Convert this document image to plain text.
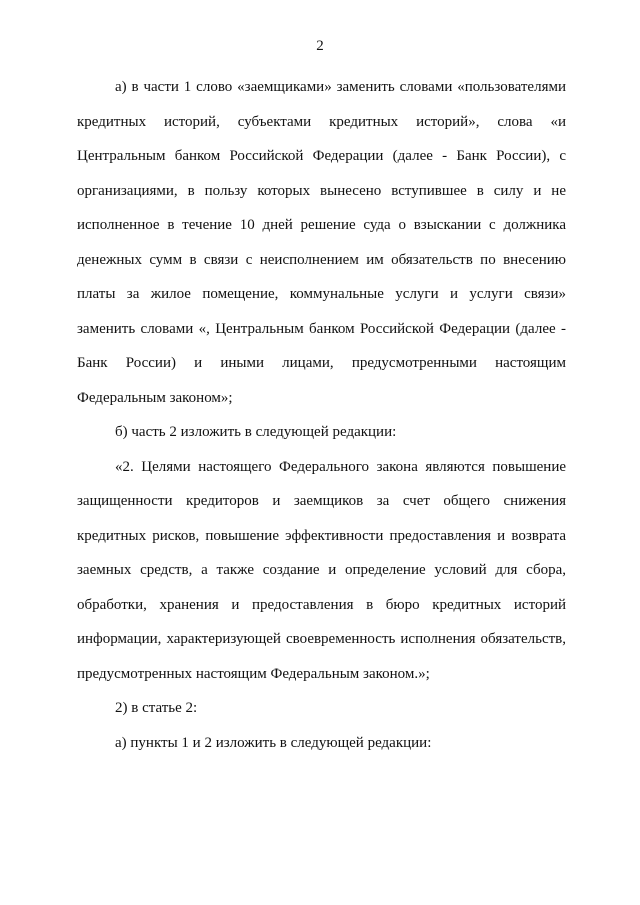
2

а) в части 1 слово «заемщиками» заменить словами «пользователями кредитных историй, субъектами кредитных историй», слова «и Центральным банком Российской Федерации (далее - Банк России), с организациями, в пользу которых вынесено вступившее в силу и не исполненное в течение 10 дней решение суда о взыскании с должника денежных сумм в связи с неисполнением им обязательств по внесению платы за жилое помещение, коммунальные услуги и услуги связи» заменить словами «, Центральным банком Российской Федерации (далее - Банк России) и иными лицами, предусмотренными настоящим Федеральным законом»;

б) часть 2 изложить в следующей редакции:

«2. Целями настоящего Федерального закона являются повышение защищенности кредиторов и заемщиков за счет общего снижения кредитных рисков, повышение эффективности предоставления и возврата заемных средств, а также создание и определение условий для сбора, обработки, хранения и предоставления в бюро кредитных историй информации, характеризующей своевременность исполнения обязательств, предусмотренных настоящим Федеральным законом.»;

2) в статье 2:

а) пункты 1 и 2 изложить в следующей редакции:
